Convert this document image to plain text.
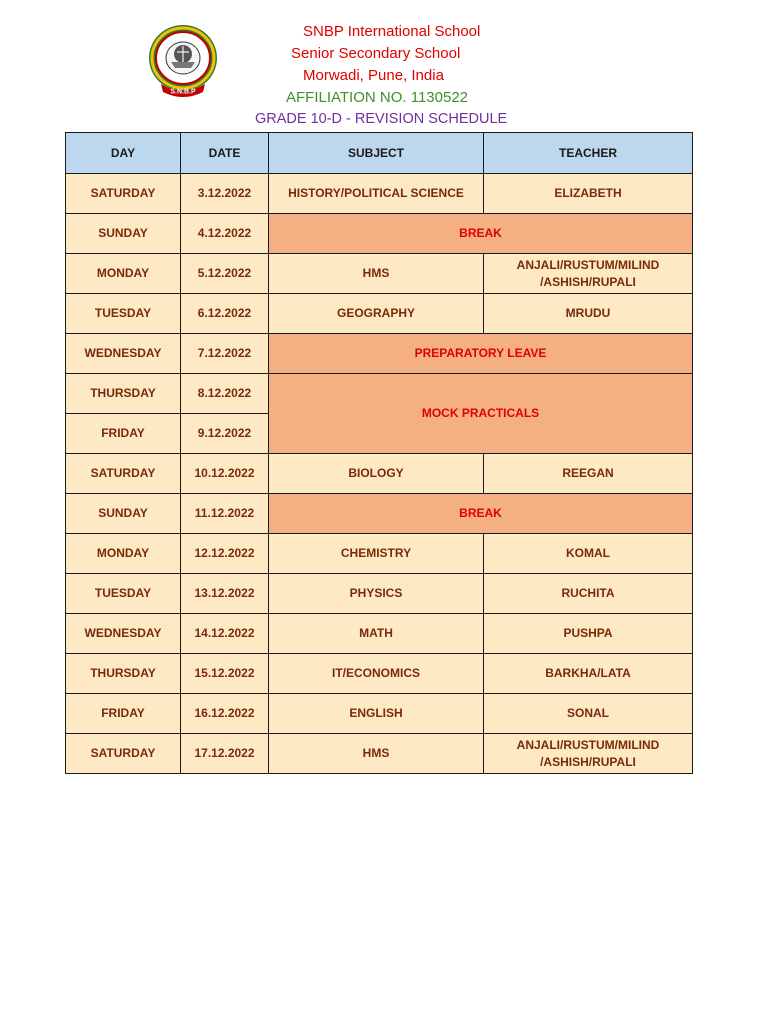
S.N.B.P
SNBP International School
Senior Secondary School
Morwadi, Pune, India
AFFILIATION NO. 1130522
GRADE 10-D - REVISION SCHEDULE
DAY	DATE	SUBJECT	TEACHER
SATURDAY	3.12.2022	HISTORY/POLITICAL SCIENCE	ELIZABETH
SUNDAY	4.12.2022	BREAK	
MONDAY	5.12.2022	HMS	ANJALI/RUSTUM/MILIND /ASHISH/RUPALI
TUESDAY	6.12.2022	GEOGRAPHY	MRUDU
WEDNESDAY	7.12.2022	PREPARATORY LEAVE	
THURSDAY	8.12.2022	MOCK PRACTICALS	
FRIDAY	9.12.2022		
SATURDAY	10.12.2022	BIOLOGY	REEGAN
SUNDAY	11.12.2022	BREAK	
MONDAY	12.12.2022	CHEMISTRY	KOMAL
TUESDAY	13.12.2022	PHYSICS	RUCHITA
WEDNESDAY	14.12.2022	MATH	PUSHPA
THURSDAY	15.12.2022	IT/ECONOMICS	BARKHA/LATA
FRIDAY	16.12.2022	ENGLISH	SONAL
SATURDAY	17.12.2022	HMS	ANJALI/RUSTUM/MILIND /ASHISH/RUPALI
